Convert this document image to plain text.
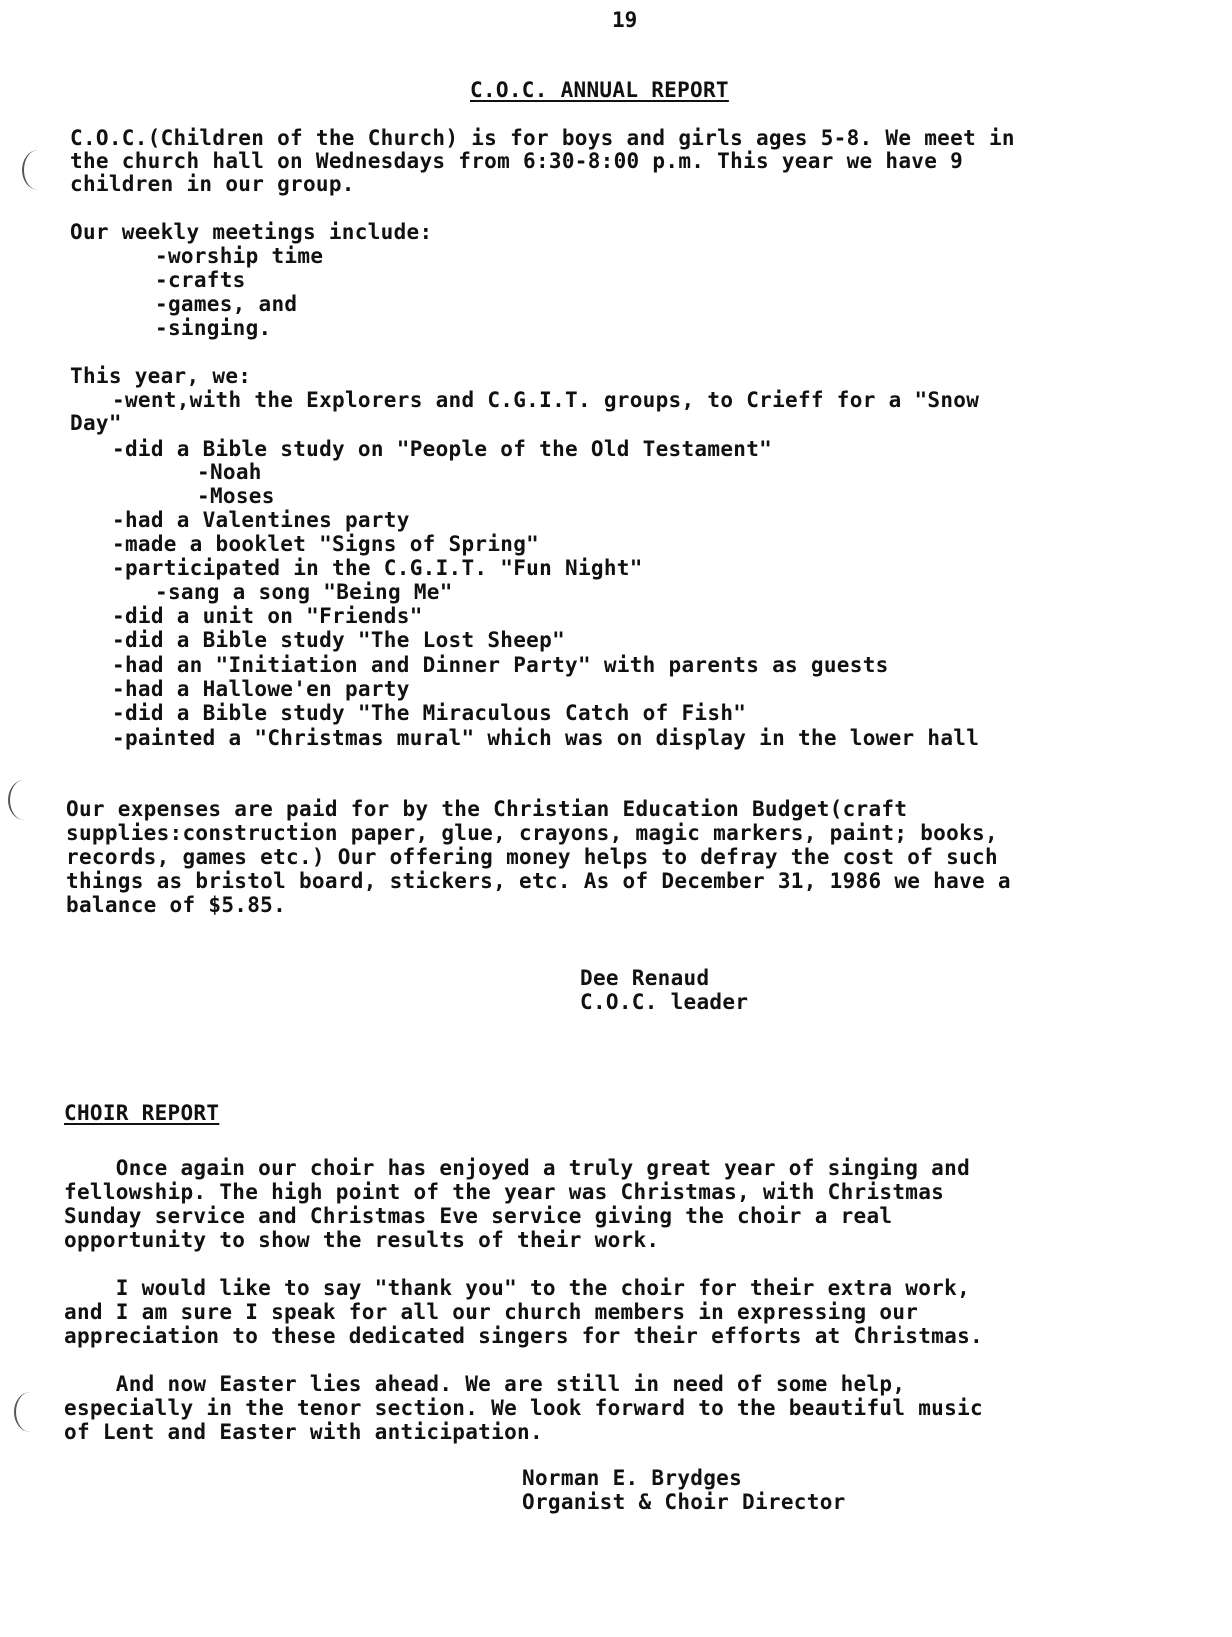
19
C.O.C. ANNUAL REPORT
C.O.C.(Children of the Church) is for boys and girls ages 5-8. We meet in
the church hall on Wednesdays from 6:30-8:00 p.m. This year we have 9
children in our group.
Our weekly meetings include:
-worship time
-crafts
-games, and
-singing.
This year, we:
-went,with the Explorers and C.G.I.T. groups, to Crieff for a "Snow
Day"
-did a Bible study on "People of the Old Testament"
-Noah
-Moses
-had a Valentines party
-made a booklet "Signs of Spring"
-participated in the C.G.I.T. "Fun Night"
-sang a song "Being Me"
-did a unit on "Friends"
-did a Bible study "The Lost Sheep"
-had an "Initiation and Dinner Party" with parents as guests
-had a Hallowe'en party
-did a Bible study "The Miraculous Catch of Fish"
-painted a "Christmas mural" which was on display in the lower hall
Our expenses are paid for by the Christian Education Budget(craft
supplies:construction paper, glue, crayons, magic markers, paint; books,
records, games etc.) Our offering money helps to defray the cost of such
things as bristol board, stickers, etc. As of December 31, 1986 we have a
balance of $5.85.
Dee Renaud
C.O.C. leader
CHOIR REPORT
Once again our choir has enjoyed a truly great year of singing and
fellowship. The high point of the year was Christmas, with Christmas
Sunday service and Christmas Eve service giving the choir a real
opportunity to show the results of their work.
I would like to say "thank you" to the choir for their extra work,
and I am sure I speak for all our church members in expressing our
appreciation to these dedicated singers for their efforts at Christmas.
And now Easter lies ahead. We are still in need of some help,
especially in the tenor section. We look forward to the beautiful music
of Lent and Easter with anticipation.
Norman E. Brydges
Organist & Choir Director
